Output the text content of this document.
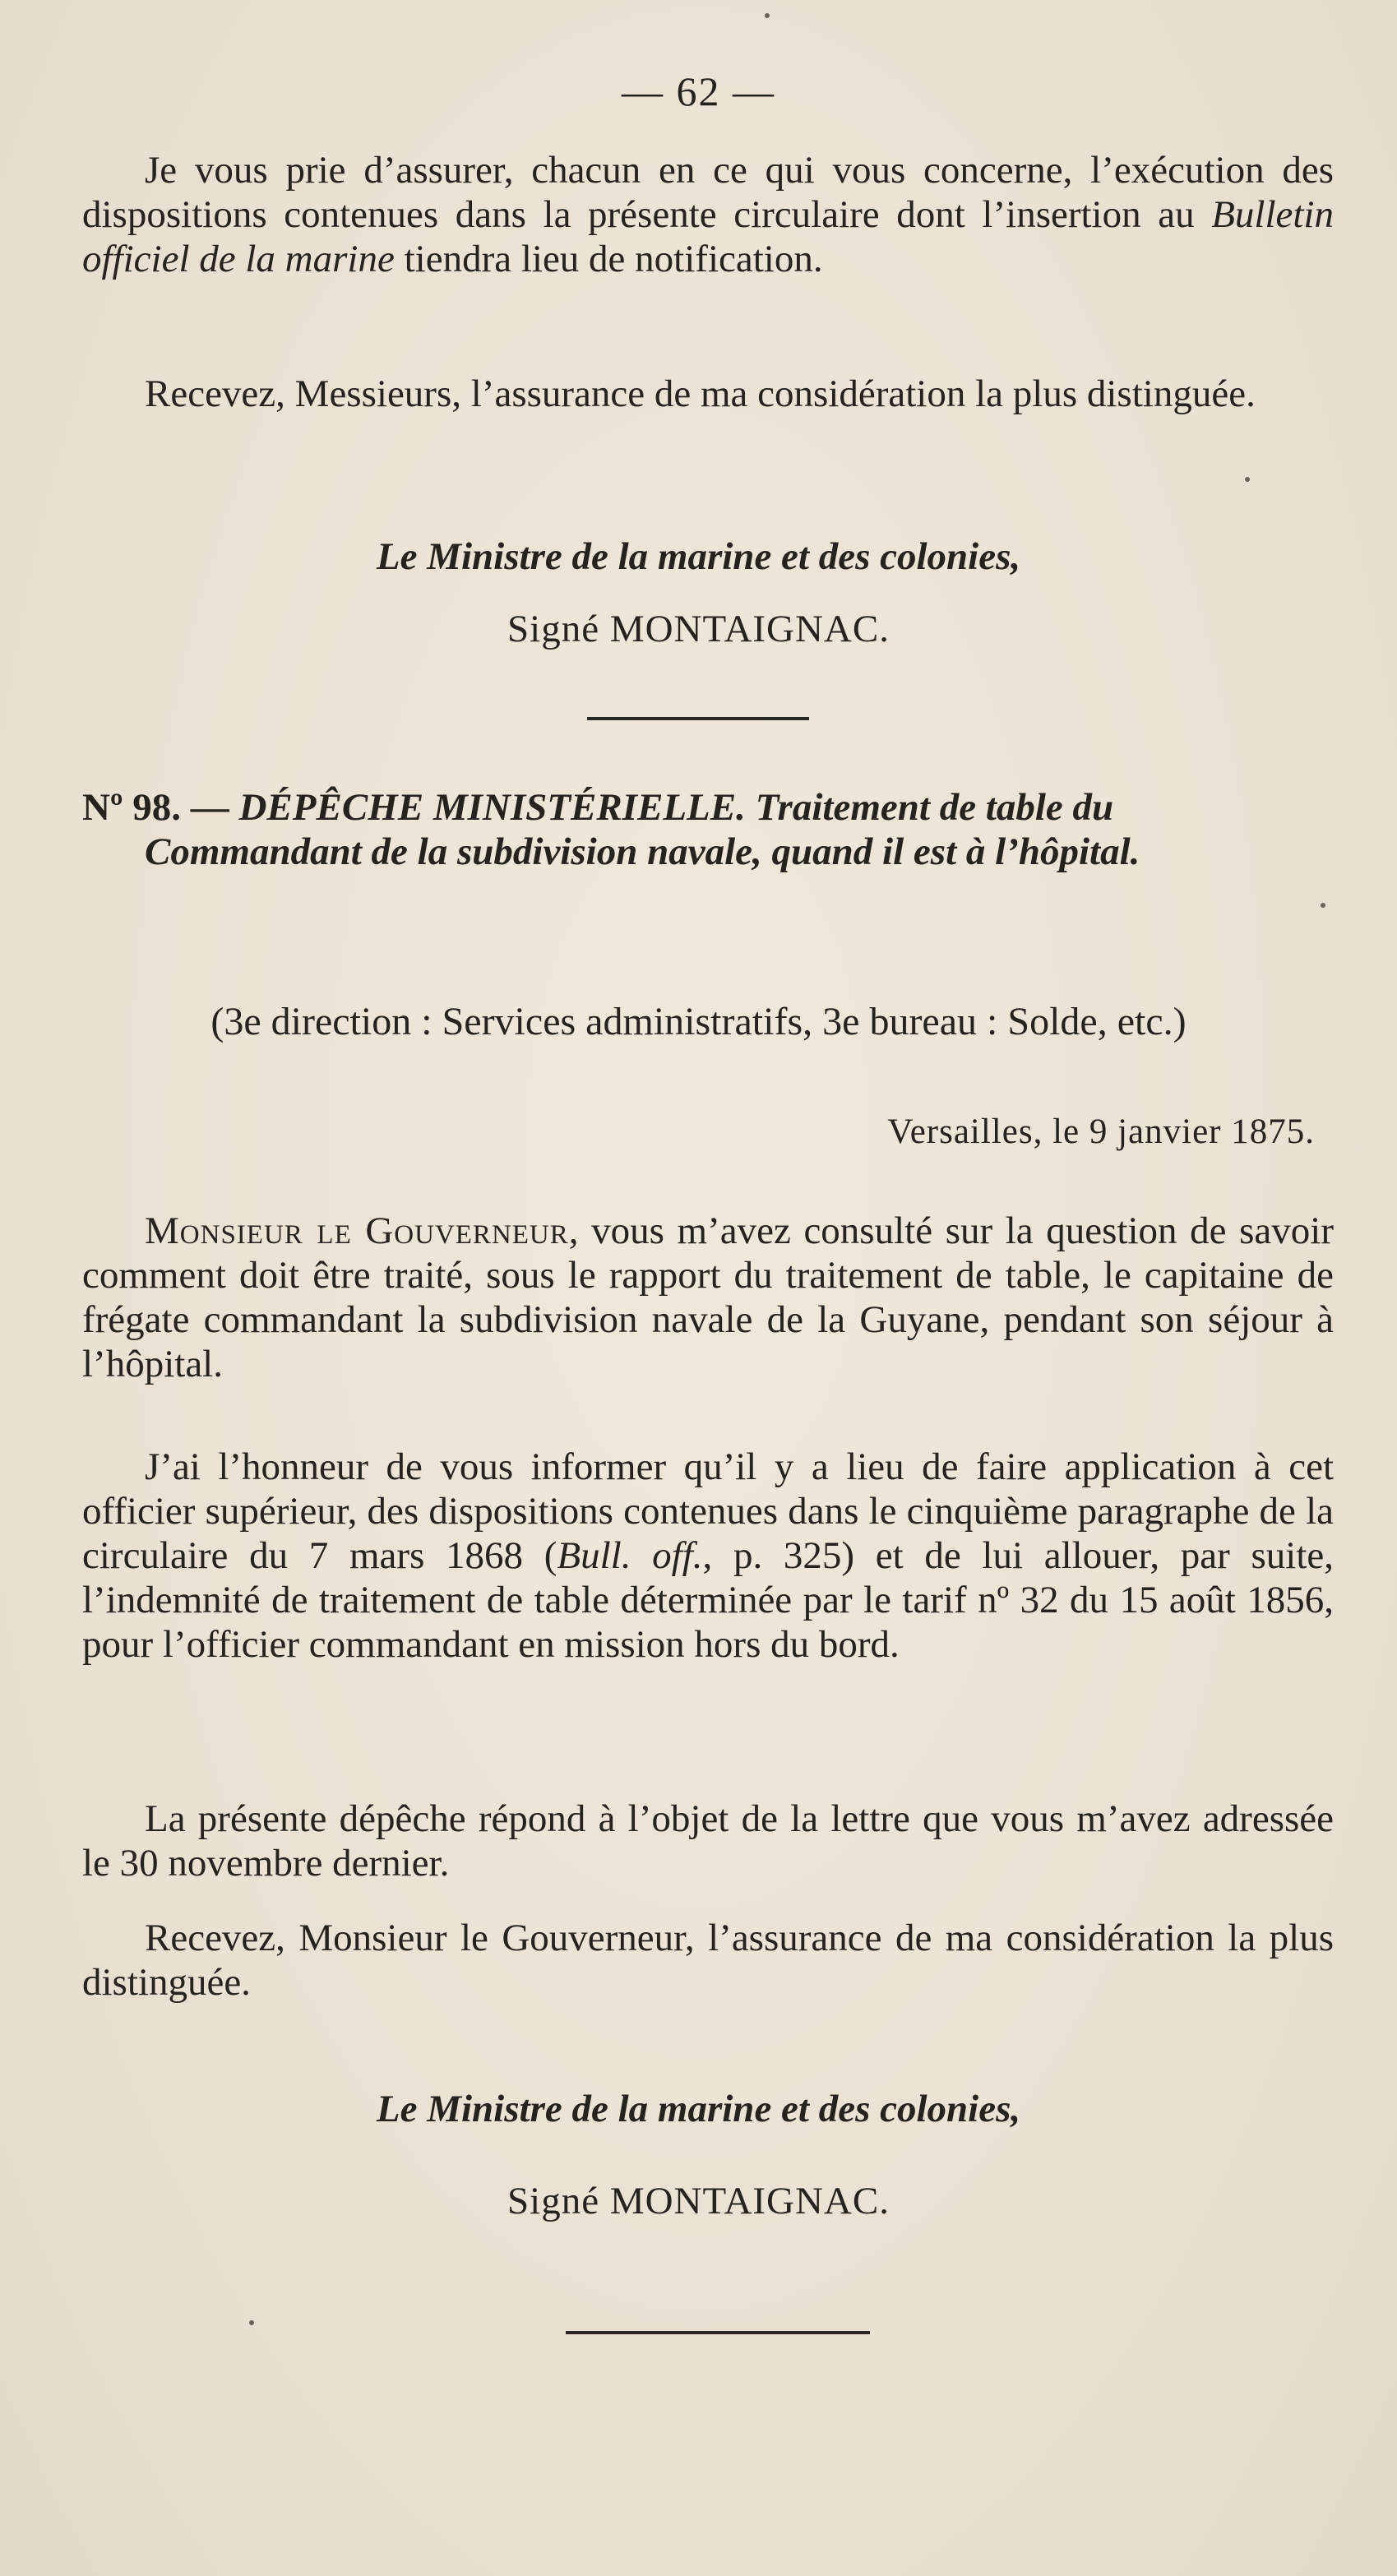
— 62 —

Je vous prie d’assurer, chacun en ce qui vous concerne, l’exécution des dispositions contenues dans la présente circulaire dont l’insertion au Bulletin officiel de la marine tiendra lieu de notification.

Recevez, Messieurs, l’assurance de ma considération la plus distinguée.

Le Ministre de la marine et des colonies,
Signé MONTAIGNAC.

Nº 98. — DÉPÊCHE MINISTÉRIELLE. Traitement de table du Commandant de la subdivision navale, quand il est à l’hôpital.

(3e direction : Services administratifs, 3e bureau : Solde, etc.)
Versailles, le 9 janvier 1875.

Monsieur le Gouverneur, vous m’avez consulté sur la question de savoir comment doit être traité, sous le rapport du traitement de table, le capitaine de frégate commandant la subdivision navale de la Guyane, pendant son séjour à l’hôpital.

J’ai l’honneur de vous informer qu’il y a lieu de faire application à cet officier supérieur, des dispositions contenues dans le cinquième paragraphe de la circulaire du 7 mars 1868 (Bull. off., p. 325) et de lui allouer, par suite, l’indemnité de traitement de table déterminée par le tarif nº 32 du 15 août 1856, pour l’officier commandant en mission hors du bord.

La présente dépêche répond à l’objet de la lettre que vous m’avez adressée le 30 novembre dernier.

Recevez, Monsieur le Gouverneur, l’assurance de ma considération la plus distinguée.

Le Ministre de la marine et des colonies,
Signé MONTAIGNAC.
